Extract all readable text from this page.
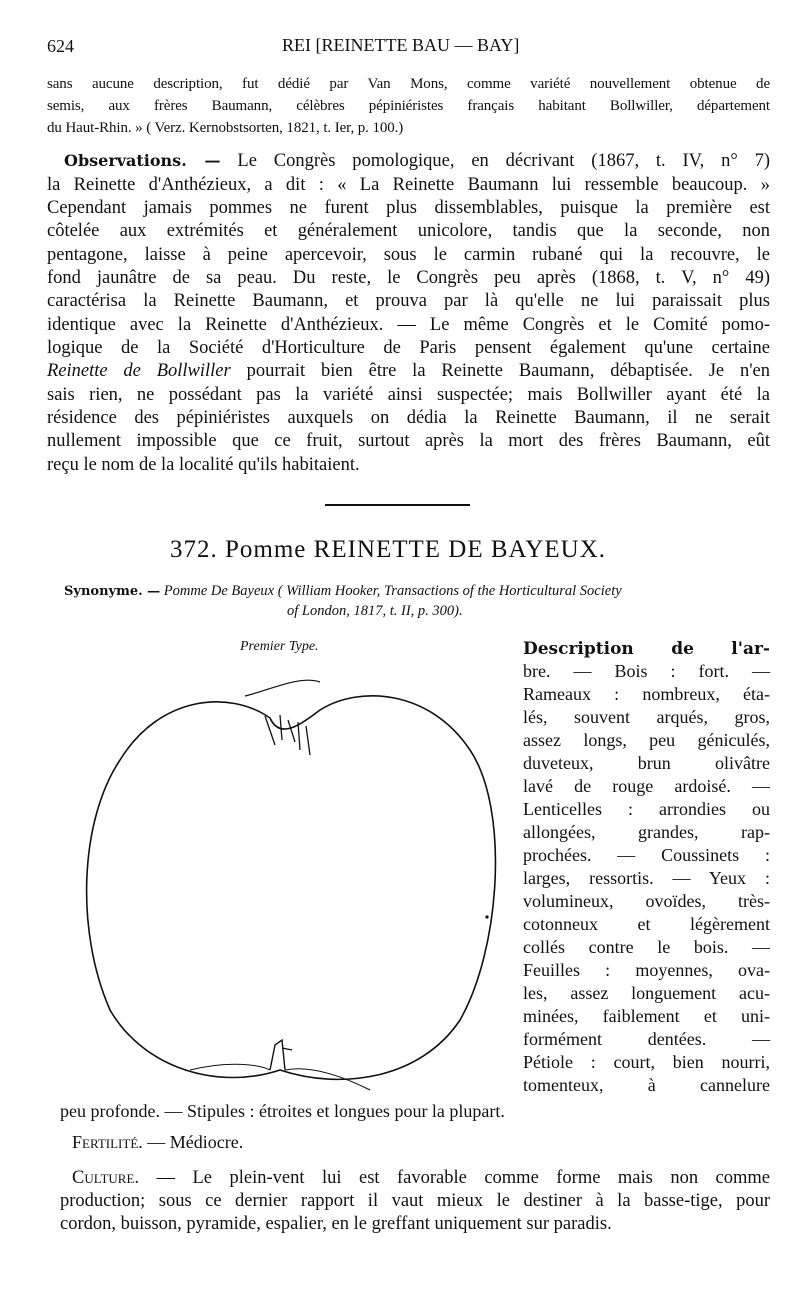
624	REI [REINETTE BAU — BAY]
sans aucune description, fut dédié par Van Mons, comme variété nouvellement obtenue de
semis, aux frères Baumann, célèbres pépiniéristes français habitant Bollwiller, département
du Haut-Rhin. » ( Verz. Kernobstsorten, 1821, t. Ier, p. 100.)
Observations. — Le Congrès pomologique, en décrivant (1867, t. IV, n° 7)
la Reinette d'Anthézieux, a dit : « La Reinette Baumann lui ressemble beaucoup. »
Cependant jamais pommes ne furent plus dissemblables, puisque la première est
côtelée aux extrémités et généralement unicolore, tandis que la seconde, non
pentagone, laisse à peine apercevoir, sous le carmin rubané qui la recouvre, le
fond jaunâtre de sa peau. Du reste, le Congrès peu après (1868, t. V, n° 49)
caractérisa la Reinette Baumann, et prouva par là qu'elle ne lui paraissait plus
identique avec la Reinette d'Anthézieux. — Le même Congrès et le Comité pomo-
logique de la Société d'Horticulture de Paris pensent également qu'une certaine
Reinette de Bollwiller pourrait bien être la Reinette Baumann, débaptisée. Je n'en
sais rien, ne possédant pas la variété ainsi suspectée; mais Bollwiller ayant été la
résidence des pépiniéristes auxquels on dédia la Reinette Baumann, il ne serait
nullement impossible que ce fruit, surtout après la mort des frères Baumann, eût
reçu le nom de la localité qu'ils habitaient.
372. Pomme REINETTE DE BAYEUX.
Synonyme. — Pomme De Bayeux ( William Hooker, Transactions of the Horticultural Society
of London, 1817, t. II, p. 300).
Premier Type.	Description de l'ar-
bre. — Bois : fort. —
Rameaux : nombreux, éta-
lés, souvent arqués, gros,
assez longs, peu géniculés,
duveteux, brun olivâtre
lavé de rouge ardoisé. —
Lenticelles : arrondies ou
allongées, grandes, rap-
prochées. — Coussinets :
larges, ressortis. — Yeux :
volumineux, ovoïdes, très-
cotonneux et légèrement
collés contre le bois. —
Feuilles : moyennes, ova-
les, assez longuement acu-
minées, faiblement et uni-
formément dentées. —
Pétiole : court, bien nourri,
tomenteux, à cannelure
peu profonde. — Stipules : étroites et longues pour la plupart.
Fertilité. — Médiocre.
Culture. — Le plein-vent lui est favorable comme forme mais non comme
production; sous ce dernier rapport il vaut mieux le destiner à la basse-tige, pour
cordon, buisson, pyramide, espalier, en le greffant uniquement sur paradis.
